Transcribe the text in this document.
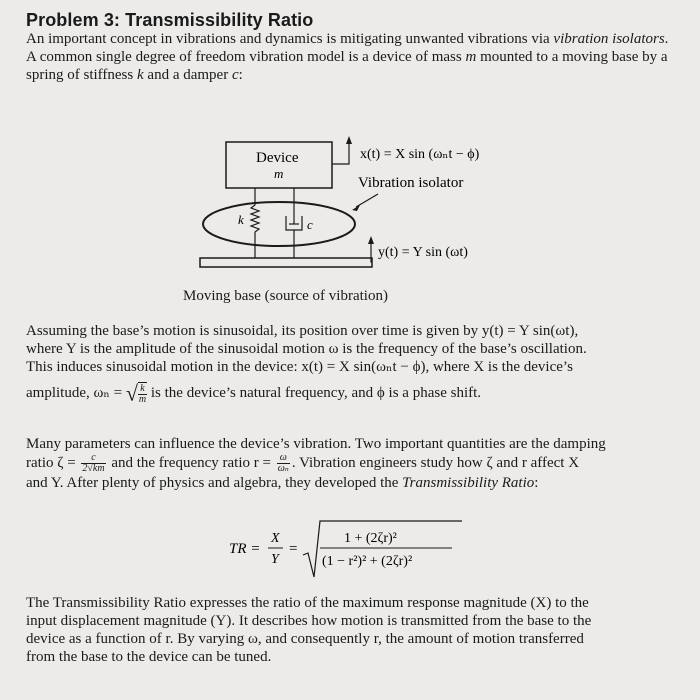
Problem 3: Transmissibility Ratio

An important concept in vibrations and dynamics is mitigating unwanted vibrations via vibration isolators. A common single degree of freedom vibration model is a device of mass m mounted to a moving base by a spring of stiffness k and a damper c:

Device
m
k	c
x(t) = X sin (ωₙt − ϕ)
Vibration isolator
y(t) = Y sin (ωt)
Moving base (source of vibration)

Assuming the base’s motion is sinusoidal, its position over time is given by y(t) = Y sin(ωt),

where Y is the amplitude of the sinusoidal motion ω is the frequency of the base’s oscillation.

This induces sinusoidal motion in the device: x(t) = X sin(ωₙt − ϕ), where X is the device’s

amplitude, ωₙ = √ $\frac{k}{m}$ is the device’s natural frequency, and ϕ is a phase shift.

Many parameters can influence the device’s vibration. Two important quantities are the damping

ratio $\zeta = \frac{c}{2√km}$ and the frequency ratio $r = \frac{\omega}{\text{ωₙ}}$ . Vibration engineers study how ζ and r affect X

and Y. After plenty of physics and algebra, they developed the Transmissibility Ratio:

TR =
X
Y
=
1 + (2ζr)²
(1 − r²)² + (2ζr)²

The Transmissibility Ratio expresses the ratio of the maximum response magnitude (X) to the

input displacement magnitude (Y). It describes how motion is transmitted from the base to the

device as a function of r. By varying ω, and consequently r, the amount of motion transferred

from the base to the device can be tuned.
